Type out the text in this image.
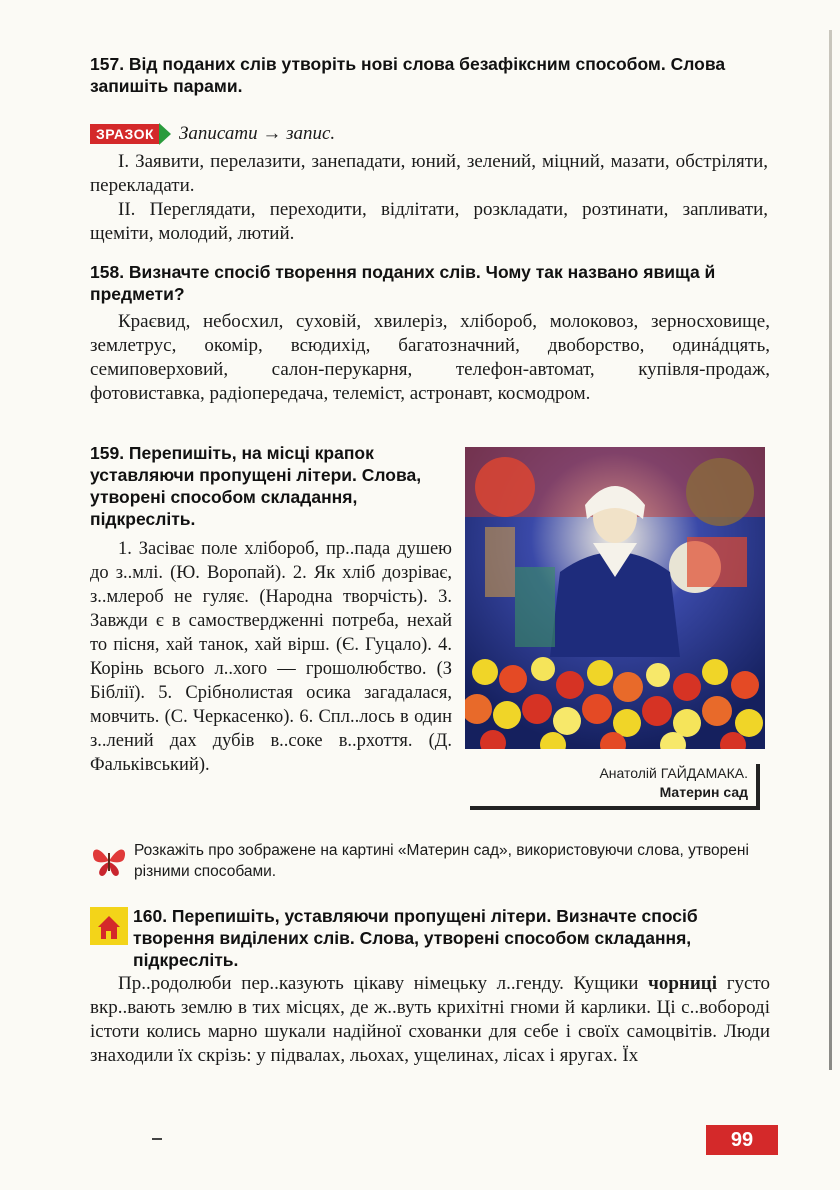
157. Від поданих слів утворіть нові слова безафіксним способом. Слова запишіть парами.
ЗРАЗОК Записати → запис.

I. Заявити, перелазити, занепадати, юний, зелений, міцний, мазати, обстріляти, перекладати.

II. Переглядати, переходити, відлітати, розкладати, розтинати, запливати, щеміти, молодий, лютий.

158. Визначте спосіб творення поданих слів. Чому так названо явища й предмети?

Краєвид, небосхил, суховій, хвилеріз, хлібороб, молоковоз, зерносховище, землетрус, окомір, всюдихід, багатозначний, двоборство, одинáдцять, семиповерховий, салон-перукарня, телефон-автомат, купівля-продаж, фотовиставка, радіопередача, телеміст, астронавт, космодром.

159. Перепишіть, на місці крапок уставляючи пропущені літери. Слова, утворені способом складання, підкресліть.

1. Засіває поле хлібороб, пр..пада душею до з..млі. (Ю. Воропай). 2. Як хліб дозріває, з..млероб не гуляє. (Народна творчість). 3. Завжди є в самоствердженні потреба, нехай то пісня, хай танок, хай вірш. (Є. Гуцало). 4. Корінь всього л..хого — грошолюбство. (З Біблії). 5. Срібнолистая осика загадалася, мовчить. (С. Черкасенко). 6. Спл..лось в один з..лений дах дубів в..соке в..рхоття. (Д. Фальківський).	Анатолій ГАЙДАМАКА.
Материн сад
Розкажіть про зображене на картині «Материн сад», використовуючи слова, утворені різними способами.
160. Перепишіть, уставляючи пропущені літери. Визначте спосіб творення виділених слів. Слова, утворені способом складання, підкресліть.

Пр..родолюби пер..казують цікаву німецьку л..генду. Кущики чорниці густо вкр..вають землю в тих місцях, де ж..вуть крихітні гноми й карлики. Ці с..вобороді істоти колись марно шукали надійної схованки для себе і своїх самоцвітів. Люди знаходили їх скрізь: у підвалах, льохах, ущелинах, лісах і яругах. Їх

99
